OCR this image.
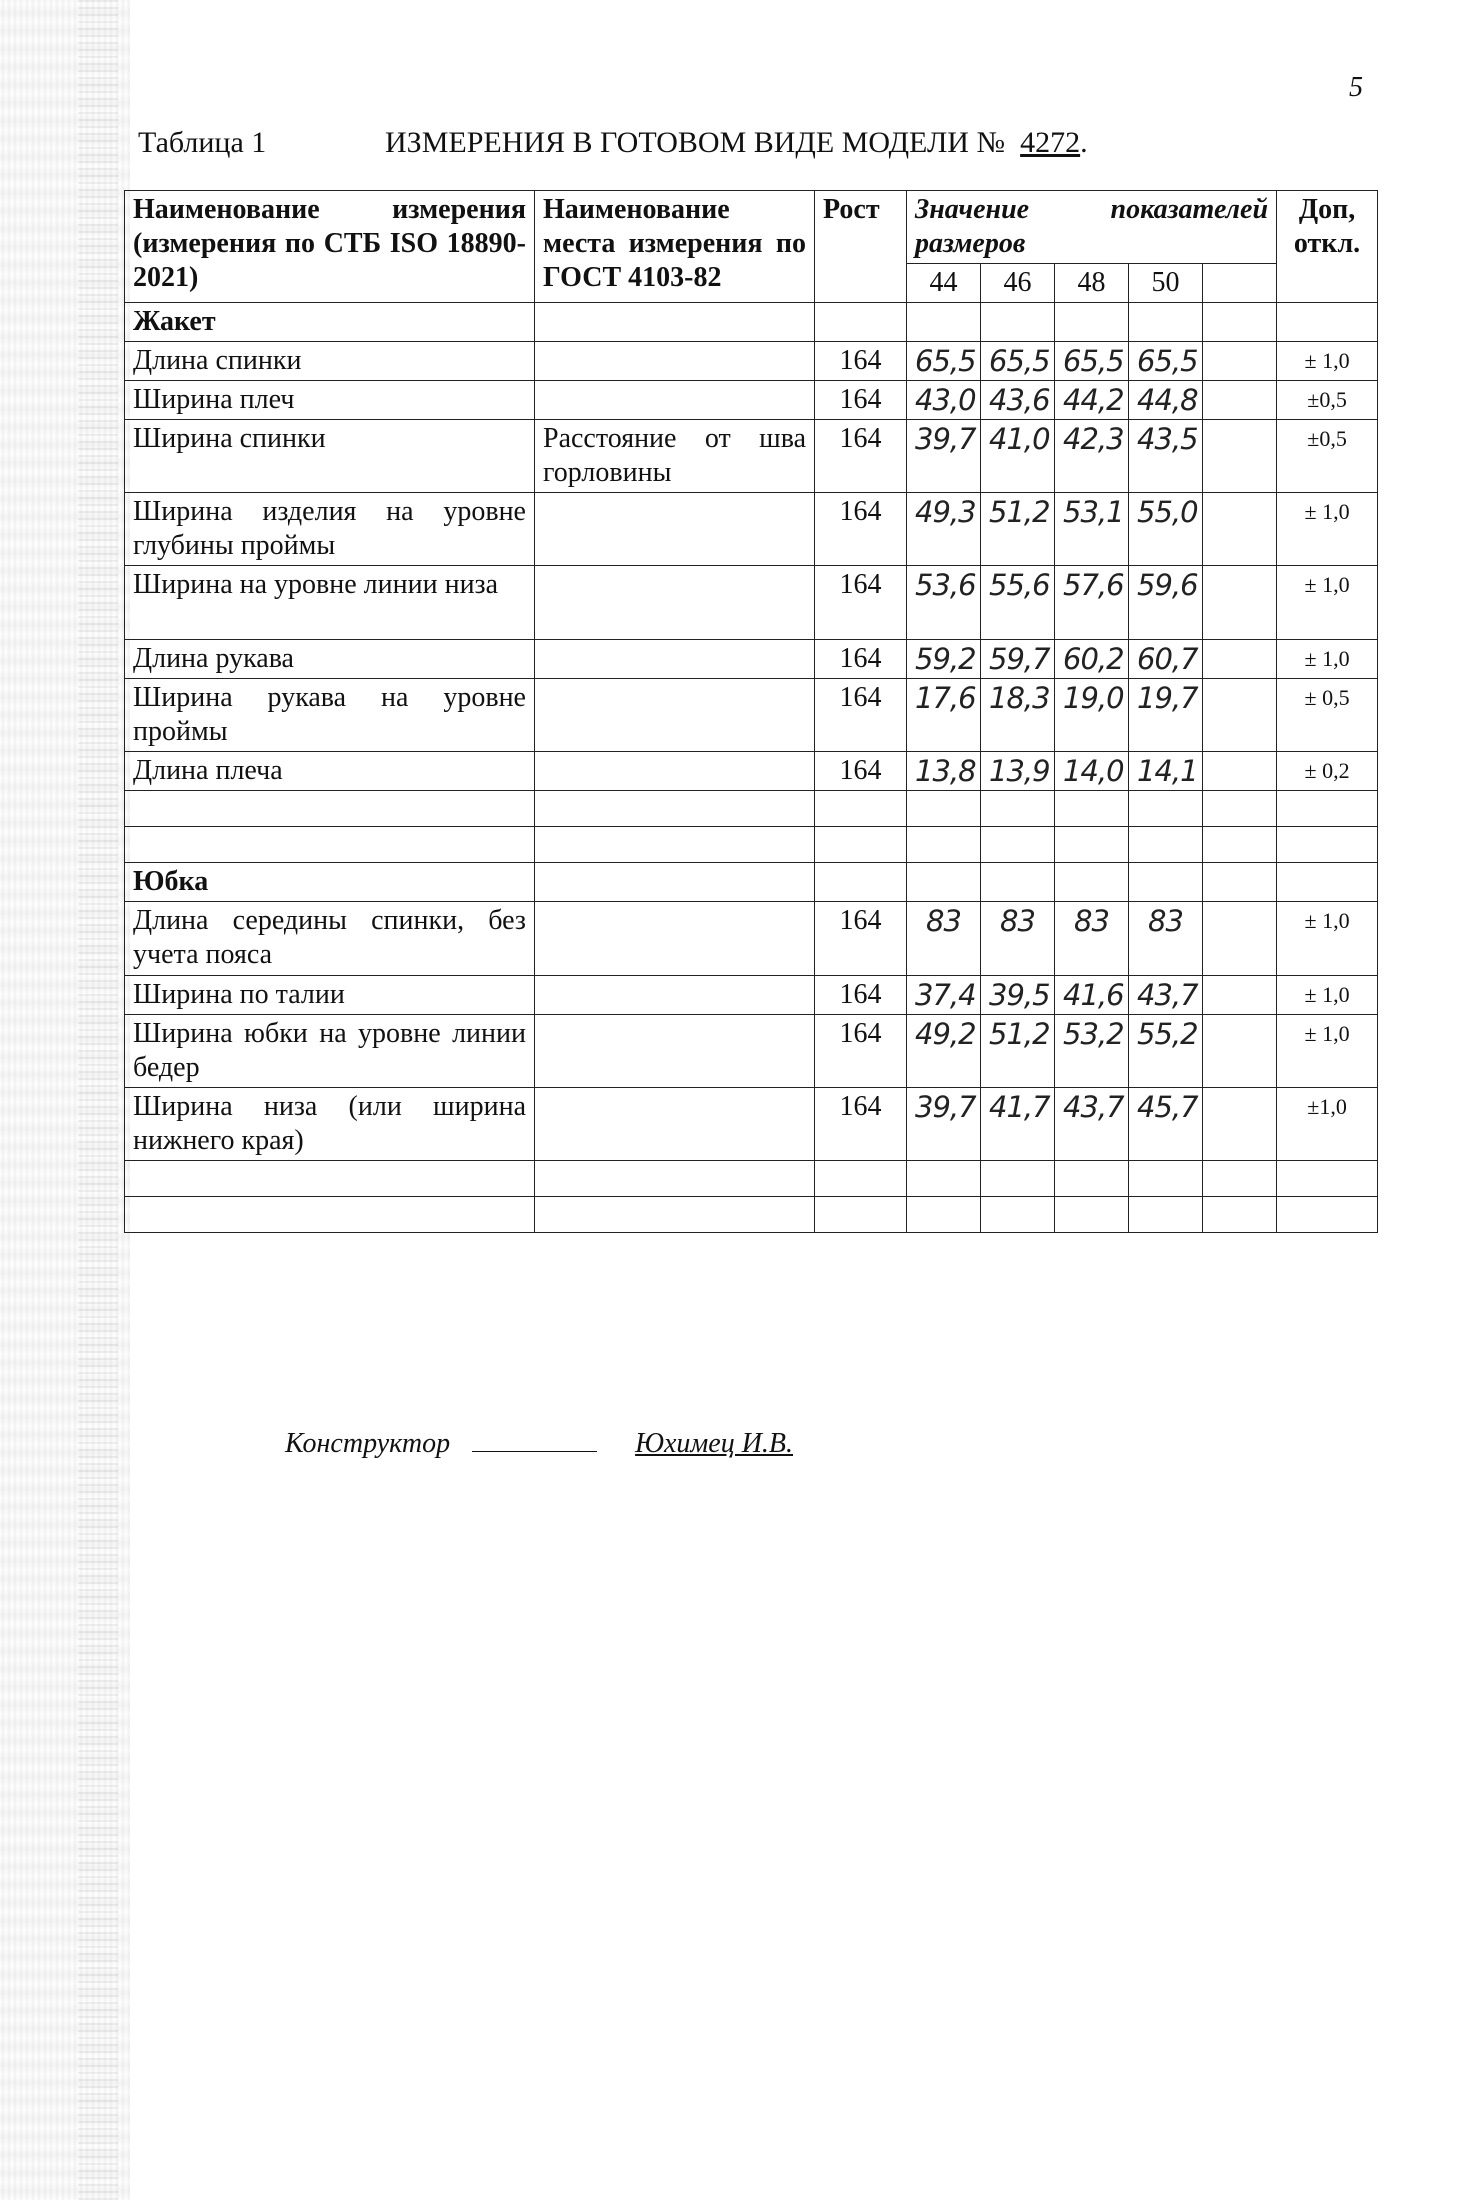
5
Таблица 1	ИЗМЕРЕНИЯ В ГОТОВОМ ВИДЕ МОДЕЛИ № 4272.
Наименование измерения (измерения по СТБ ISO 18890-2021)	Наименование места измерения по ГОСТ 4103-82	Рост	Значение показателей
размеров					Доп, откл.
			44	46	48	50		
Жакет								
Длина спинки		164	65,5	65,5	65,5	65,5		± 1,0
Ширина плеч		164	43,0	43,6	44,2	44,8		±0,5
Ширина спинки	Расстояние от шва горловины	164	39,7	41,0	42,3	43,5		±0,5
Ширина изделия на уровне глубины проймы		164	49,3	51,2	53,1	55,0		± 1,0
Ширина на уровне линии низа		164	53,6	55,6	57,6	59,6		± 1,0
Длина рукава		164	59,2	59,7	60,2	60,7		± 1,0
Ширина рукава на уровне проймы		164	17,6	18,3	19,0	19,7		± 0,5
Длина плеча		164	13,8	13,9	14,0	14,1		± 0,2

Юбка								
Длина середины спинки, без учета пояса		164	83	83	83	83		± 1,0
Ширина по талии		164	37,4	39,5	41,6	43,7		± 1,0
Ширина юбки на уровне линии бедер		164	49,2	51,2	53,2	55,2		± 1,0
Ширина низа (или ширина нижнего края)		164	39,7	41,7	43,7	45,7		±1,0

Конструктор	Юхимец И.В.
